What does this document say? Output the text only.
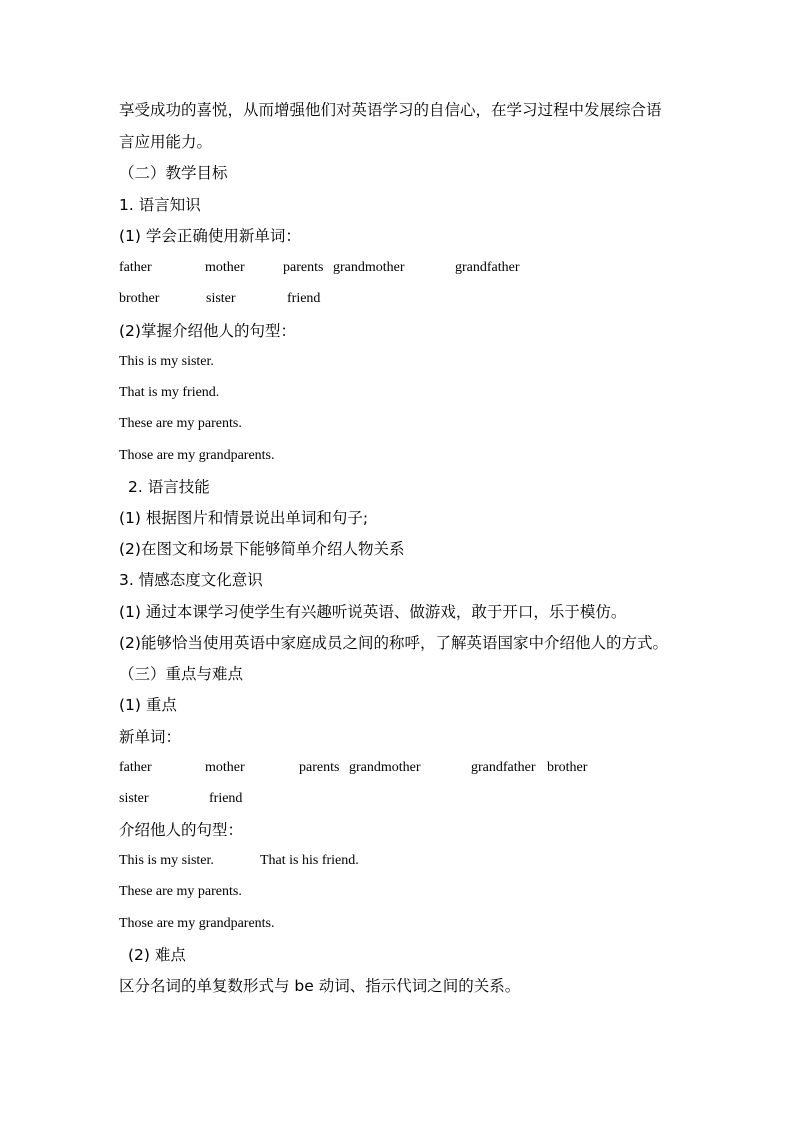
享受成功的喜悦，从而增强他们对英语学习的自信心，在学习过程中发展综合语
言应用能力。
（二）教学目标
1. 语言知识
(1) 学会正确使用新单词：
father	mother	parents grandmother	grandfather
brother	sister	friend
(2)掌握介绍他人的句型：
This is my sister.
That is my friend.
These are my parents.
Those are my grandparents.
2. 语言技能
(1) 根据图片和情景说出单词和句子;
(2)在图文和场景下能够简单介绍人物关系
3. 情感态度文化意识
(1) 通过本课学习使学生有兴趣听说英语、做游戏，敢于开口，乐于模仿。
(2)能够恰当使用英语中家庭成员之间的称呼，了解英语国家中介绍他人的方式。
（三）重点与难点
(1) 重点
新单词：
father	mother	parents grandmother	grandfather brother
sister	friend
介绍他人的句型：
This is my sister.	That is his friend.
These are my parents.
Those are my grandparents.
(2) 难点
区分名词的单复数形式与 be 动词、指示代词之间的关系。
